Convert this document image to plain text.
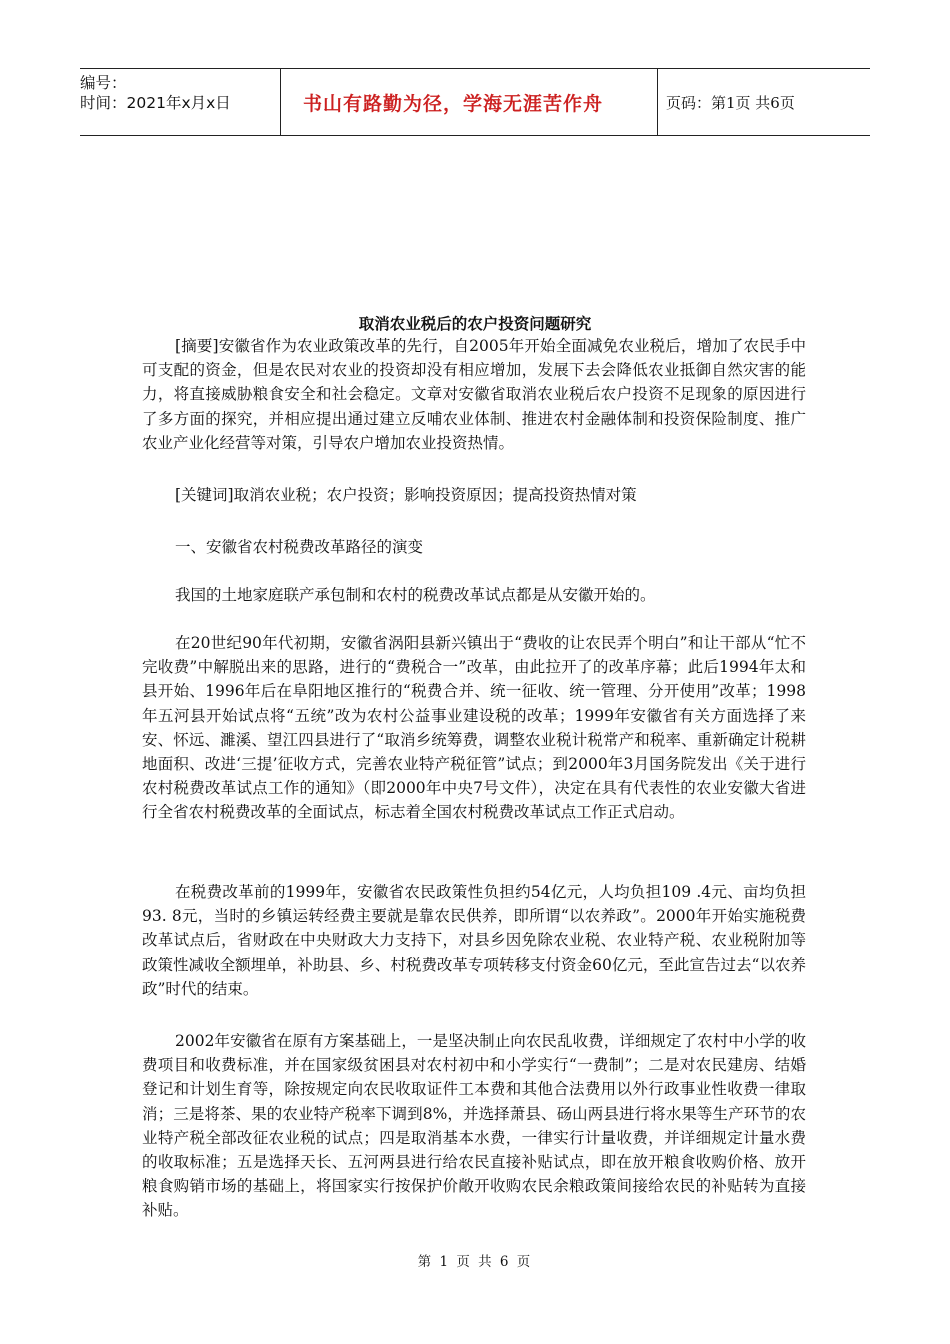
编号：
时间：2021年x月x日	书山有路勤为径，学海无涯苦作舟	页码：第1页 共6页
取消农业税后的农户投资问题研究

[摘要]安徽省作为农业政策改革的先行，自2005年开始全面减免农业税后，增加了农民手中可支配的资金，但是农民对农业的投资却没有相应增加，发展下去会降低农业抵御自然灾害的能力，将直接威胁粮食安全和社会稳定。文章对安徽省取消农业税后农户投资不足现象的原因进行了多方面的探究，并相应提出通过建立反哺农业体制、推进农村金融体制和投资保险制度、推广农业产业化经营等对策，引导农户增加农业投资热情。

[关键词]取消农业税；农户投资；影响投资原因；提高投资热情对策

一、安徽省农村税费改革路径的演变

我国的土地家庭联产承包制和农村的税费改革试点都是从安徽开始的。

在20世纪90年代初期，安徽省涡阳县新兴镇出于“费收的让农民弄个明白”和让干部从“忙不完收费”中解脱出来的思路，进行的“费税合一”改革，由此拉开了的改革序幕；此后1994年太和县开始、1996年后在阜阳地区推行的“税费合并、统一征收、统一管理、分开使用”改革；1998年五河县开始试点将“五统”改为农村公益事业建设税的改革；1999年安徽省有关方面选择了来安、怀远、濉溪、望江四县进行了“取消乡统筹费，调整农业税计税常产和税率、重新确定计税耕地面积、改进‘三提’征收方式，完善农业特产税征管”试点；到2000年3月国务院发出《关于进行农村税费改革试点工作的通知》（即2000年中央7号文件），决定在具有代表性的农业安徽大省进行全省农村税费改革的全面试点，标志着全国农村税费改革试点工作正式启动。

在税费改革前的1999年，安徽省农民政策性负担约54亿元，人均负担109 .4元、亩均负担93. 8元，当时的乡镇运转经费主要就是靠农民供养，即所谓“以农养政”。2000年开始实施税费改革试点后，省财政在中央财政大力支持下，对县乡因免除农业税、农业特产税、农业税附加等政策性减收全额埋单，补助县、乡、村税费改革专项转移支付资金60亿元，至此宣告过去“以农养政”时代的结束。

2002年安徽省在原有方案基础上，一是坚决制止向农民乱收费，详细规定了农村中小学的收费项目和收费标准，并在国家级贫困县对农村初中和小学实行“一费制”；二是对农民建房、结婚登记和计划生育等，除按规定向农民收取证件工本费和其他合法费用以外行政事业性收费一律取消；三是将茶、果的农业特产税率下调到8%，并选择萧县、砀山两县进行将水果等生产环节的农业特产税全部改征农业税的试点；四是取消基本水费，一律实行计量收费，并详细规定计量水费的收取标准；五是选择天长、五河两县进行给农民直接补贴试点，即在放开粮食收购价格、放开粮食购销市场的基础上，将国家实行按保护价敞开收购农民余粮政策间接给农民的补贴转为直接补贴。

第 1 页 共 6 页
